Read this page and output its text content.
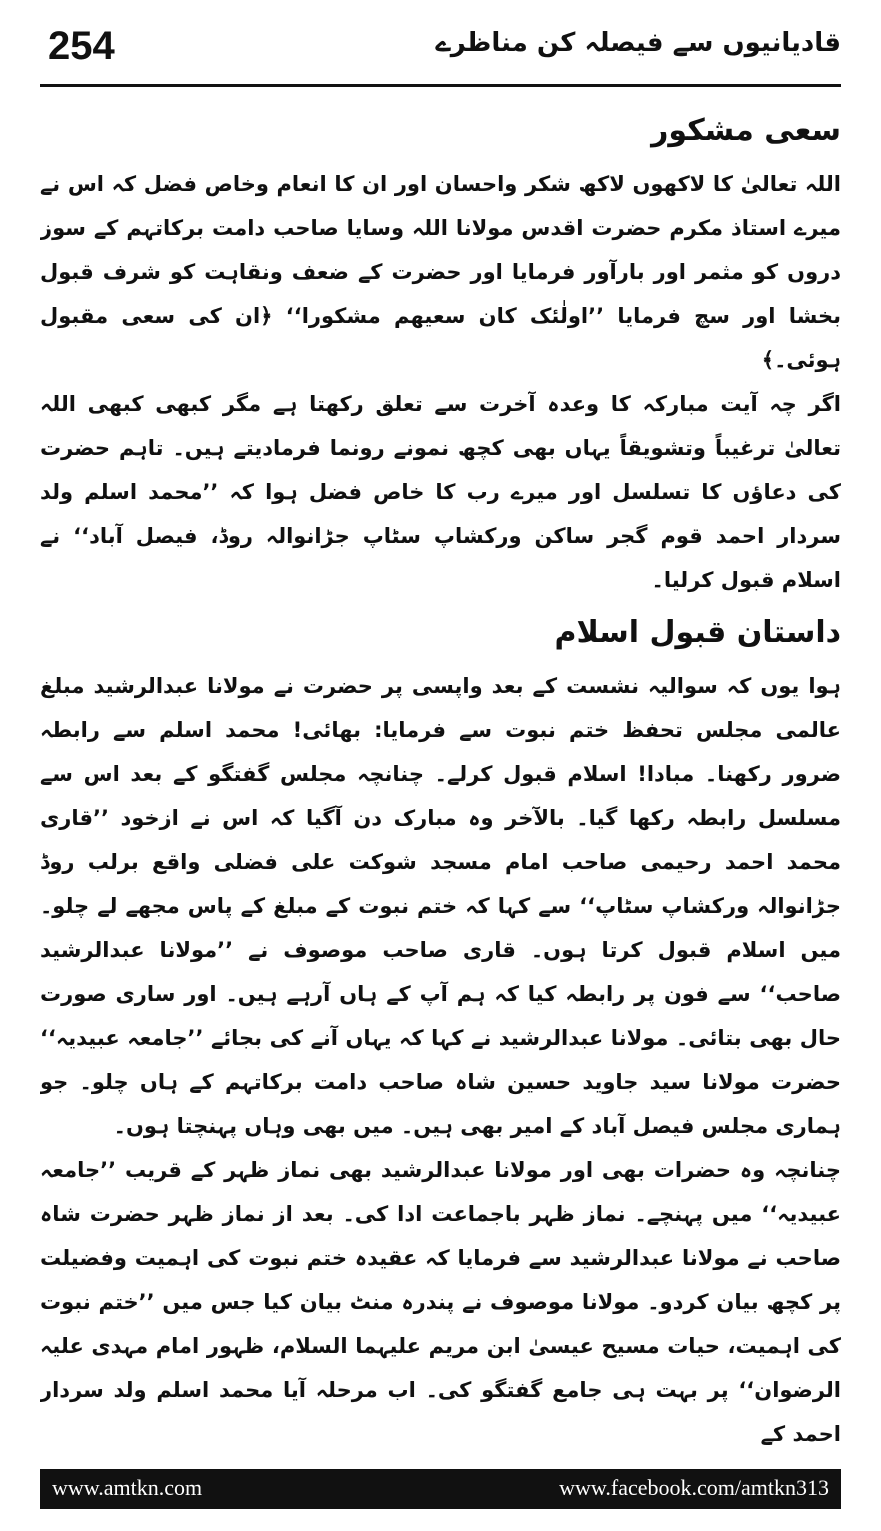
254	قادیانیوں سے فیصلہ کن مناظرے
سعی مشکور

اللہ تعالیٰ کا لاکھوں لاکھ شکر واحسان اور ان کا انعام وخاص فضل کہ اس نے میرے استاذ مکرم حضرت اقدس مولانا اللہ وسایا صاحب دامت برکاتہم کے سوز دروں کو مثمر اور بارآور فرمایا اور حضرت کے ضعف ونقاہت کو شرف قبول بخشا اور سچ فرمایا ’’اولٰئک کان سعیھم مشکورا‘‘ ﴿ان کی سعی مقبول ہوئی۔﴾

اگر چہ آیت مبارکہ کا وعدہ آخرت سے تعلق رکھتا ہے مگر کبھی کبھی اللہ تعالیٰ ترغیباً وتشویقاً یہاں بھی کچھ نمونے رونما فرمادیتے ہیں۔ تاہم حضرت کی دعاؤں کا تسلسل اور میرے رب کا خاص فضل ہوا کہ ’’محمد اسلم ولد سردار احمد قوم گجر ساکن ورکشاپ سٹاپ جڑانوالہ روڈ، فیصل آباد‘‘ نے اسلام قبول کرلیا۔

داستان قبول اسلام

ہوا یوں کہ سوالیہ نشست کے بعد واپسی پر حضرت نے مولانا عبدالرشید مبلغ عالمی مجلس تحفظ ختم نبوت سے فرمایا: بھائی! محمد اسلم سے رابطہ ضرور رکھنا۔ مبادا! اسلام قبول کرلے۔ چنانچہ مجلس گفتگو کے بعد اس سے مسلسل رابطہ رکھا گیا۔ بالآخر وہ مبارک دن آگیا کہ اس نے ازخود ’’قاری محمد احمد رحیمی صاحب امام مسجد شوکت علی فضلی واقع برلب روڈ جڑانوالہ ورکشاپ سٹاپ‘‘ سے کہا کہ ختم نبوت کے مبلغ کے پاس مجھے لے چلو۔ میں اسلام قبول کرتا ہوں۔ قاری صاحب موصوف نے ’’مولانا عبدالرشید صاحب‘‘ سے فون پر رابطہ کیا کہ ہم آپ کے ہاں آرہے ہیں۔ اور ساری صورت حال بھی بتائی۔ مولانا عبدالرشید نے کہا کہ یہاں آنے کی بجائے ’’جامعہ عبیدیہ‘‘ حضرت مولانا سید جاوید حسین شاہ صاحب دامت برکاتہم کے ہاں چلو۔ جو ہماری مجلس فیصل آباد کے امیر بھی ہیں۔ میں بھی وہاں پہنچتا ہوں۔

چنانچہ وہ حضرات بھی اور مولانا عبدالرشید بھی نماز ظہر کے قریب ’’جامعہ عبیدیہ‘‘ میں پہنچے۔ نماز ظہر باجماعت ادا کی۔ بعد از نماز ظہر حضرت شاہ صاحب نے مولانا عبدالرشید سے فرمایا کہ عقیدہ ختم نبوت کی اہمیت وفضیلت پر کچھ بیان کردو۔ مولانا موصوف نے پندرہ منٹ بیان کیا جس میں ’’ختم نبوت کی اہمیت، حیات مسیح عیسیٰ ابن مریم علیہما السلام، ظہور امام مہدی علیہ الرضوان‘‘ پر بہت ہی جامع گفتگو کی۔ اب مرحلہ آیا محمد اسلم ولد سردار احمد کے

www.amtkn.com	www.facebook.com/amtkn313
